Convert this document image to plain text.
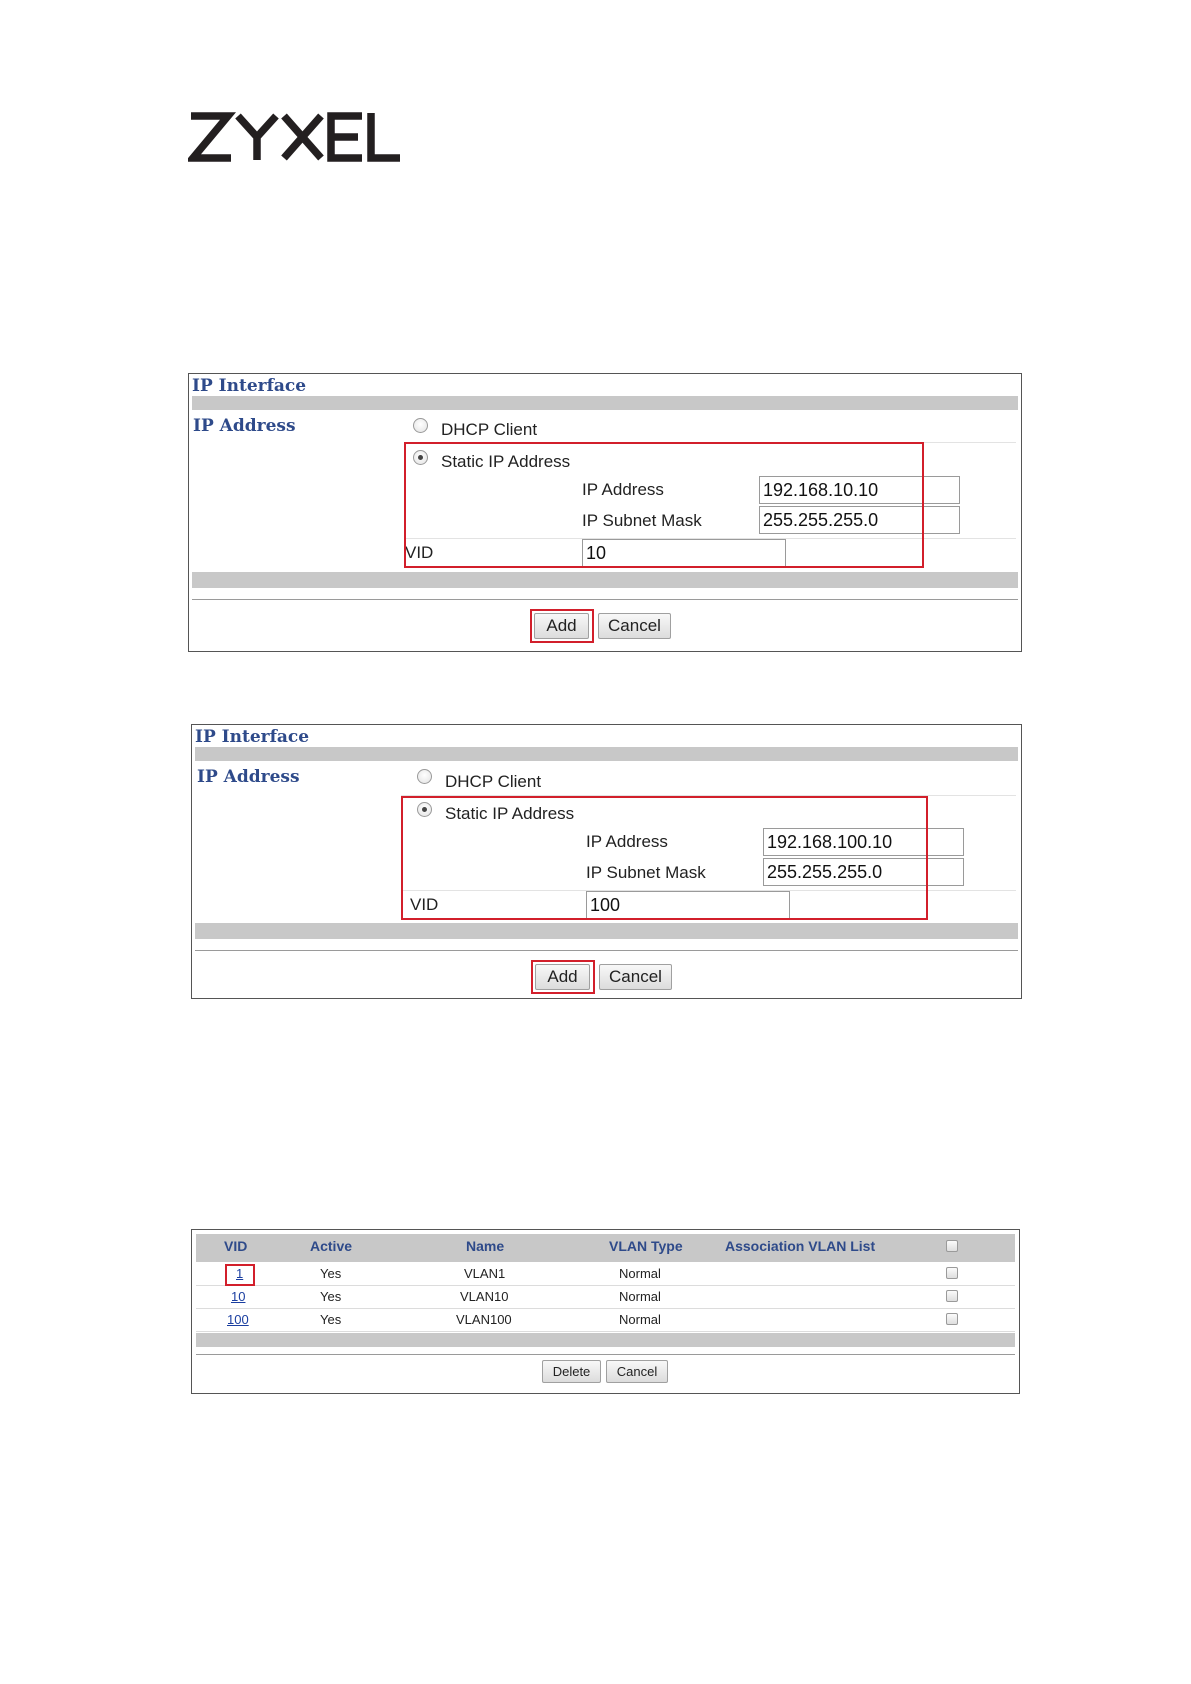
IP Interface
IP Address	DHCP Client
Static IP Address
IP Address	192.168.10.10
IP Subnet Mask	255.255.255.0
VID	10
Add	Cancel
IP Interface
IP Address	DHCP Client
Static IP Address
IP Address	192.168.100.10
IP Subnet Mask	255.255.255.0
VID	100
Add	Cancel
VID	Active	Name	VLAN Type	Association VLAN List
1	Yes	VLAN1	Normal
10	Yes	VLAN10	Normal
100	Yes	VLAN100	Normal
Delete	Cancel
